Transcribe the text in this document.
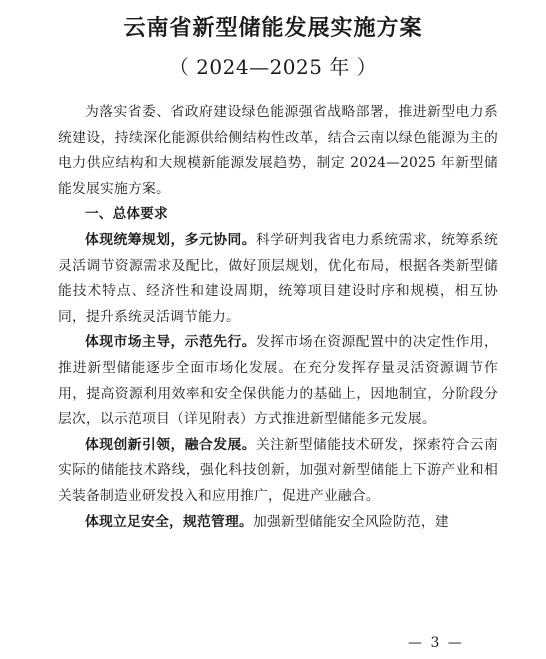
云南省新型储能发展实施方案
（ 2024—2025 年 ）

为落实省委、省政府建设绿色能源强省战略部署，推进新型电力系统建设，持续深化能源供给侧结构性改革，结合云南以绿色能源为主的电力供应结构和大规模新能源发展趋势，制定 2024—2025 年新型储能发展实施方案。

一、总体要求

体现统筹规划，多元协同。科学研判我省电力系统需求，统筹系统灵活调节资源需求及配比，做好顶层规划，优化布局，根据各类新型储能技术特点、经济性和建设周期，统筹项目建设时序和规模，相互协同，提升系统灵活调节能力。

体现市场主导，示范先行。发挥市场在资源配置中的决定性作用，推进新型储能逐步全面市场化发展。在充分发挥存量灵活资源调节作用，提高资源利用效率和安全保供能力的基础上，因地制宜，分阶段分层次，以示范项目（详见附表）方式推进新型储能多元发展。

体现创新引领，融合发展。关注新型储能技术研发，探索符合云南实际的储能技术路线，强化科技创新，加强对新型储能上下游产业和相关装备制造业研发投入和应用推广，促进产业融合。

体现立足安全，规范管理。加强新型储能安全风险防范，建

— 3 —
